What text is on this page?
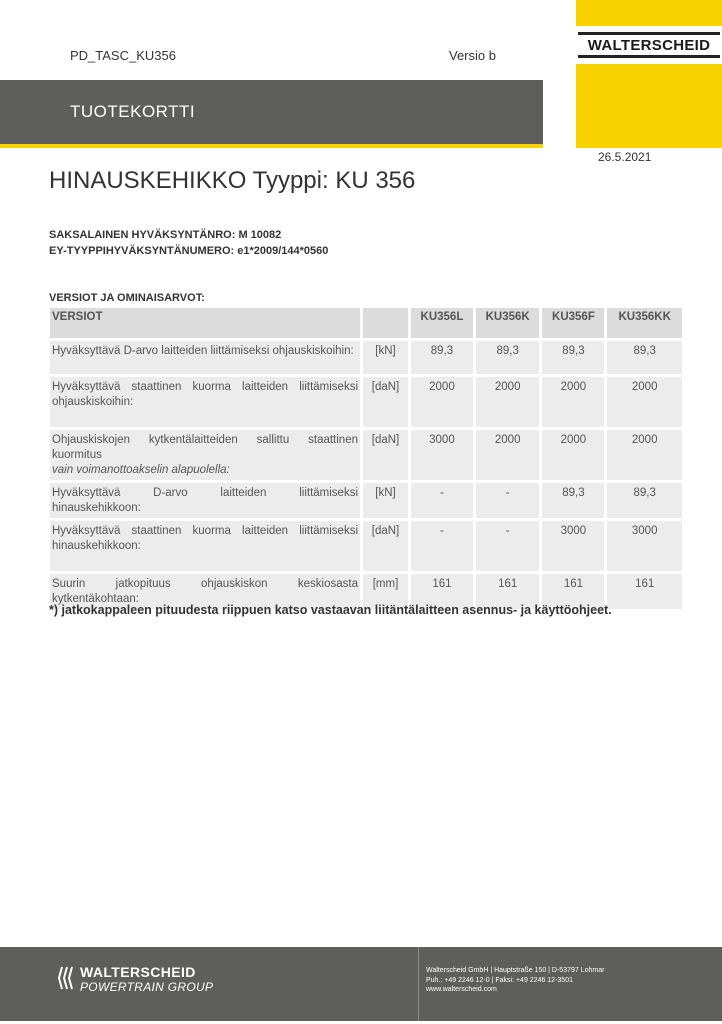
PD_TASC_KU356	Versio b
WALTERSCHEID
TUOTEKORTTI
26.5.2021
HINAUSKEHIKKO Tyyppi: KU 356
SAKSALAINEN HYVÄKSYNTÄNRO: M 10082
EY-TYYPPIHYVÄKSYNTÄNUMERO: e1*2009/144*0560
VERSIOT JA OMINAISARVOT:
VERSIOT		KU356L	KU356K	KU356F	KU356KK
Hyväksyttävä D-arvo laitteiden liittämiseksi ohjauskiskoihin:	[kN]	89,3	89,3	89,3	89,3
Hyväksyttävä staattinen kuorma laitteiden liittämiseksi ohjauskiskoihin:	[daN]	2000	2000	2000	2000
Ohjauskiskojen kytkentälaitteiden sallittu staattinen kuormitus
vain voimanottoakselin alapuolella:	[daN]	3000	2000	2000	2000
Hyväksyttävä D-arvo laitteiden liittämiseksi hinauskehikkoon:	[kN]	-	-	89,3	89,3
Hyväksyttävä staattinen kuorma laitteiden liittämiseksi hinauskehikkoon:	[daN]	-	-	3000	3000
Suurin jatkopituus ohjauskiskon keskiosasta kytkentäkohtaan:	[mm]	161	161	161	161
*) jatkokappaleen pituudesta riippuen katso vastaavan liitäntälaitteen asennus- ja käyttöohjeet.
WALTERSCHEID
POWERTRAIN GROUP
Walterscheid GmbH | Hauptstraße 150 | D-53797 Lohmar
Puh.: +49 2246 12-0 | Faksi: +49 2246 12-3501
www.walterscheid.com
